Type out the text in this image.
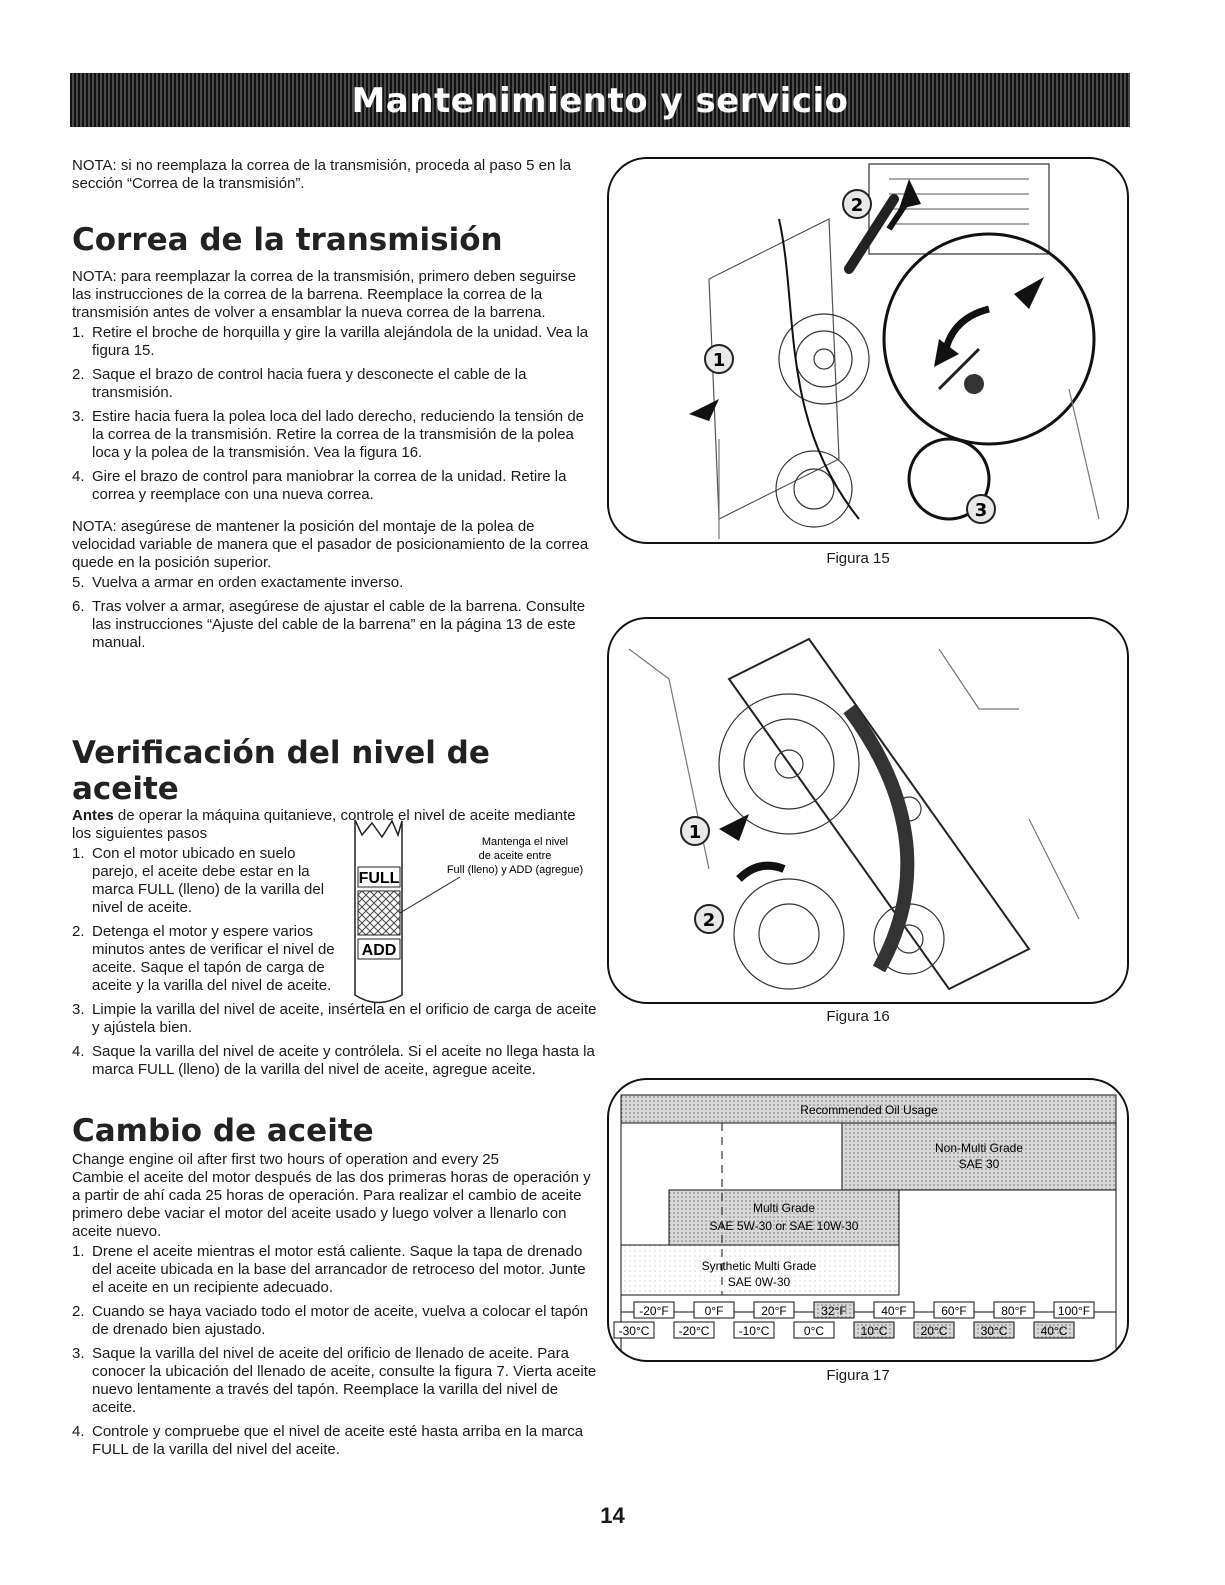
Mantenimiento y servicio

NOTA: si no reemplaza la correa de la transmisión, proceda al paso 5 en la sección “Correa de la transmisión”.

Correa de la transmisión

NOTA: para reemplazar la correa de la transmisión, primero deben seguirse las instrucciones de la correa de la barrena. Reemplace la correa de la transmisión antes de volver a ensamblar la nueva correa de la barrena.

1. Retire el broche de horquilla y gire la varilla alejándola de la unidad. Vea la figura 15.
2. Saque el brazo de control hacia fuera y desconecte el cable de la transmisión.
3. Estire hacia fuera la polea loca del lado derecho, reduciendo la tensión de la correa de la transmisión. Retire la correa de la transmisión de la polea loca y la polea de la transmisión. Vea la figura 16.
4. Gire el brazo de control para maniobrar la correa de la unidad. Retire la correa y reemplace con una nueva correa.

NOTA: asegúrese de mantener la posición del montaje de la polea de velocidad variable de manera que el pasador de posicionamiento de la correa quede en la posición superior.

5. Vuelva a armar en orden exactamente inverso.
6. Tras volver a armar, asegúrese de ajustar el cable de la barrena. Consulte las instrucciones “Ajuste del cable de la barrena” en la página 13 de este manual.
Verificación del nivel de aceite

Antes de operar la máquina quitanieve, controle el nivel de aceite mediante los siguientes pasos

1. Con el motor ubicado en suelo parejo, el aceite debe estar en la marca FULL (lleno) de la varilla del nivel de aceite.
2. Detenga el motor y espere varios minutos antes de verificar el nivel de aceite. Saque el tapón de carga de aceite y la varilla del nivel de aceite.
3. Limpie la varilla del nivel de aceite, insértela en el orificio de carga de aceite y ajústela bien.
4. Saque la varilla del nivel de aceite y contrólela. Si el aceite no llega hasta la marca FULL (lleno) de la varilla del nivel de aceite, agregue aceite.
FULL
ADD
Mantenga el nivel
de aceite entre
Full (lleno) y ADD (agregue)
Cambio de aceite

Change engine oil after first two hours of operation and every 25

Cambie el aceite del motor después de las dos primeras horas de operación y a partir de ahí cada 25 horas de operación. Para realizar el cambio de aceite primero debe vaciar el motor del aceite usado y luego volver a llenarlo con aceite nuevo.

1. Drene el aceite mientras el motor está caliente. Saque la tapa de drenado del aceite ubicada en la base del arrancador de retroceso del motor. Junte el aceite en un recipiente adecuado.
2. Cuando se haya vaciado todo el motor de aceite, vuelva a colocar el tapón de drenado bien ajustado.
3. Saque la varilla del nivel de aceite del orificio de llenado de aceite. Para conocer la ubicación del llenado de aceite, consulte la figura 7. Vierta aceite nuevo lentamente a través del tapón. Reemplace la varilla del nivel de aceite.
4. Controle y compruebe que el nivel de aceite esté hasta arriba en la marca FULL de la varilla del nivel del aceite.
1
2
3
Figura 15
1
2
Figura 16
Recommended Oil Usage
Non-Multi Grade
SAE 30
Multi Grade
SAE 5W-30 or SAE 10W-30
Synthetic Multi Grade
SAE 0W-30
-20°F	0°F	20°F	32°F	40°F	60°F	80°F	100°F
-30°C -20°C -10°C	0°C	10°C	20°C	30°C	40°C
Figura 17
14
